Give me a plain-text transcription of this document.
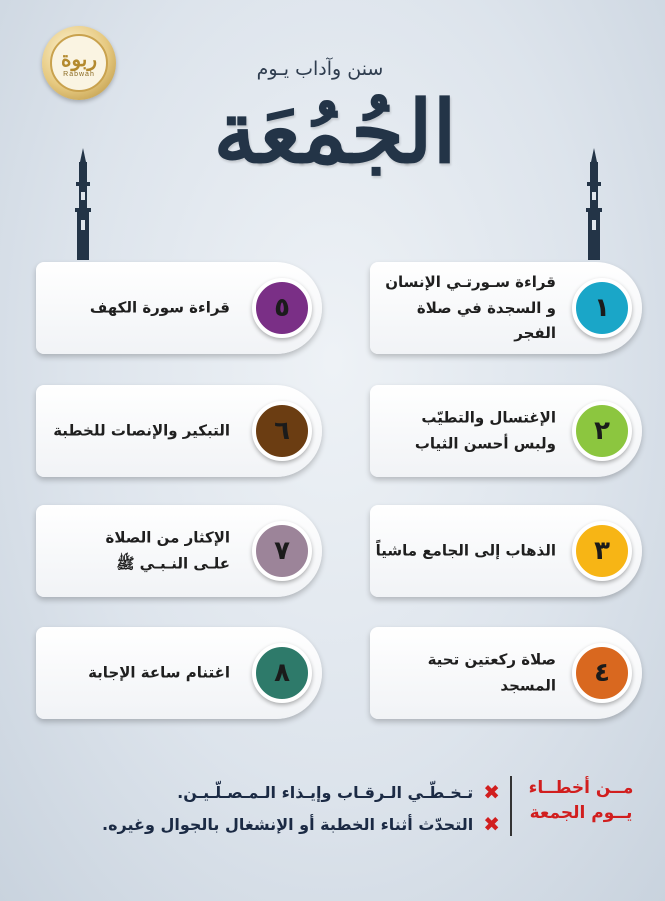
ربوة
Rabwah	سنن وآداب يـوم
الجُمُعَة
١
قراءة سـورتـي الإنسان
و السجدة في صلاة الفجر
٢
الإغتسال والتطيّب
ولبس أحسن الثياب
٣
الذهاب إلى الجامع ماشياً
٤
صلاة ركعتين تحية المسجد
٥
قراءة سورة الكهف
٦
التبكير والإنصات للخطبة
٧
الإكثار من الصلاة
علـى النـبـي ﷺ
٨
اغتنام ساعة الإجابة
مــن أخطــاء
يــوم الجمعة
✖
تـخـطّـي الـرقـاب وإيـذاء الـمـصـلّـيـن.
✖
التحدّث أثناء الخطبة أو الإنشغال بالجوال وغيره.
